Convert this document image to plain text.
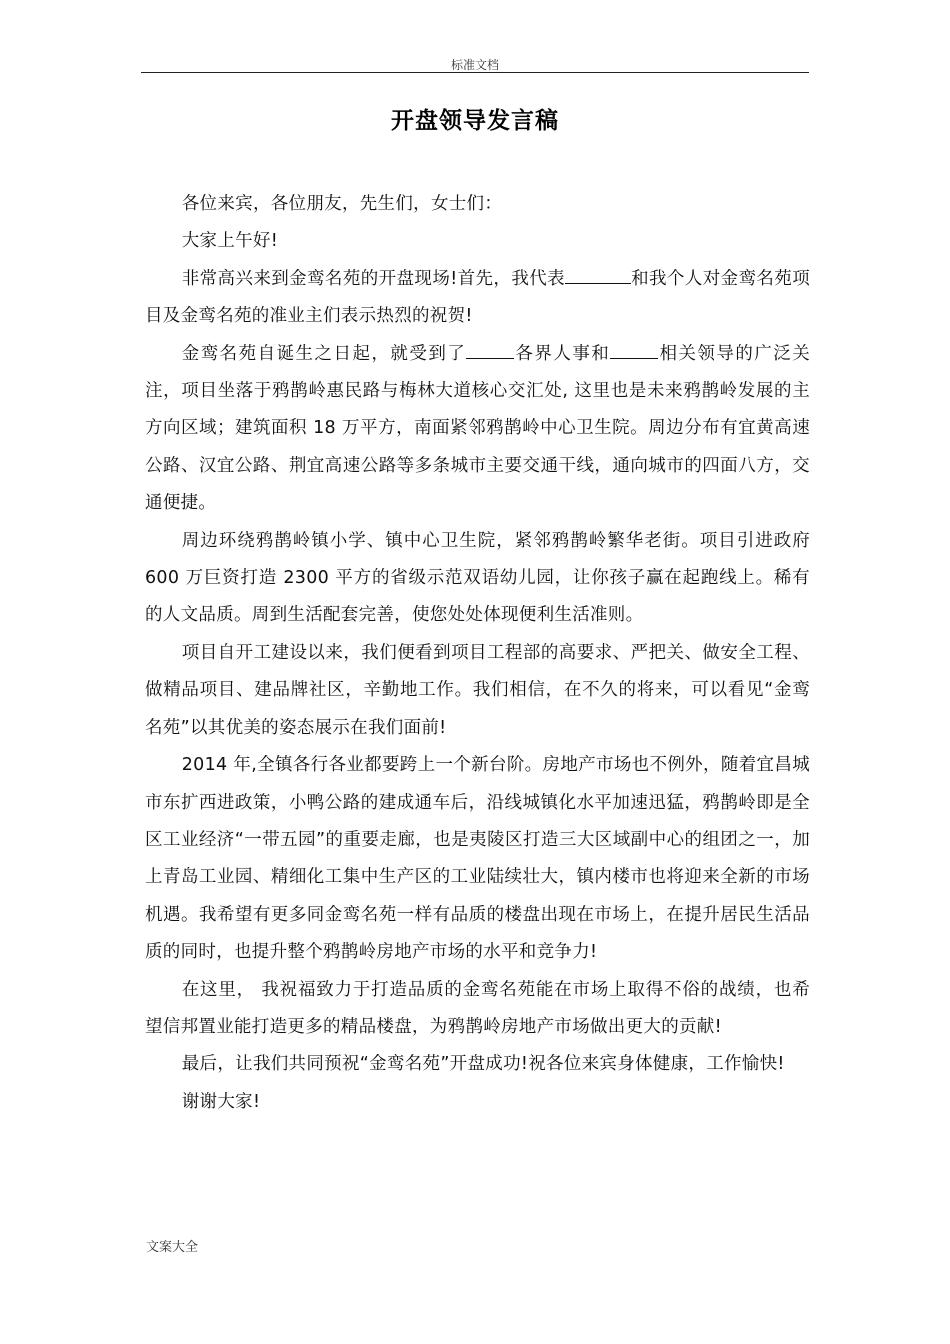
标准文档
开盘领导发言稿

各位来宾，各位朋友，先生们，女士们：

大家上午好!

非常高兴来到金鸾名苑的开盘现场!首先，我代表	和我个人对金鸾名苑项目及金鸾名苑的准业主们表示热烈的祝贺!

金鸾名苑自诞生之日起，就受到了	各界人事和	相关领导的广泛关注，项目坐落于鸦鹊岭惠民路与梅林大道核心交汇处, 这里也是未来鸦鹊岭发展的主方向区域；建筑面积 18 万平方，南面紧邻鸦鹊岭中心卫生院。周边分布有宜黄高速公路、汉宜公路、荆宜高速公路等多条城市主要交通干线，通向城市的四面八方，交通便捷。

周边环绕鸦鹊岭镇小学、镇中心卫生院，紧邻鸦鹊岭繁华老街。项目引进政府 600 万巨资打造 2300 平方的省级示范双语幼儿园，让你孩子赢在起跑线上。稀有的人文品质。周到生活配套完善，使您处处体现便利生活准则。

项目自开工建设以来，我们便看到项目工程部的高要求、严把关、做安全工程、做精品项目、建品牌社区，辛勤地工作。我们相信，在不久的将来，可以看见“金鸾名苑”以其优美的姿态展示在我们面前!

2014 年,全镇各行各业都要跨上一个新台阶。房地产市场也不例外，随着宜昌城市东扩西进政策，小鸭公路的建成通车后，沿线城镇化水平加速迅猛，鸦鹊岭即是全区工业经济“一带五园”的重要走廊，也是夷陵区打造三大区域副中心的组团之一，加上青岛工业园、精细化工集中生产区的工业陆续壮大，镇内楼市也将迎来全新的市场机遇。我希望有更多同金鸾名苑一样有品质的楼盘出现在市场上，在提升居民生活品质的同时，也提升整个鸦鹊岭房地产市场的水平和竞争力!

在这里， 我祝福致力于打造品质的金鸾名苑能在市场上取得不俗的战绩，也希望信邦置业能打造更多的精品楼盘，为鸦鹊岭房地产市场做出更大的贡献!

最后，让我们共同预祝“金鸾名苑”开盘成功!祝各位来宾身体健康，工作愉快!

谢谢大家!

文案大全
